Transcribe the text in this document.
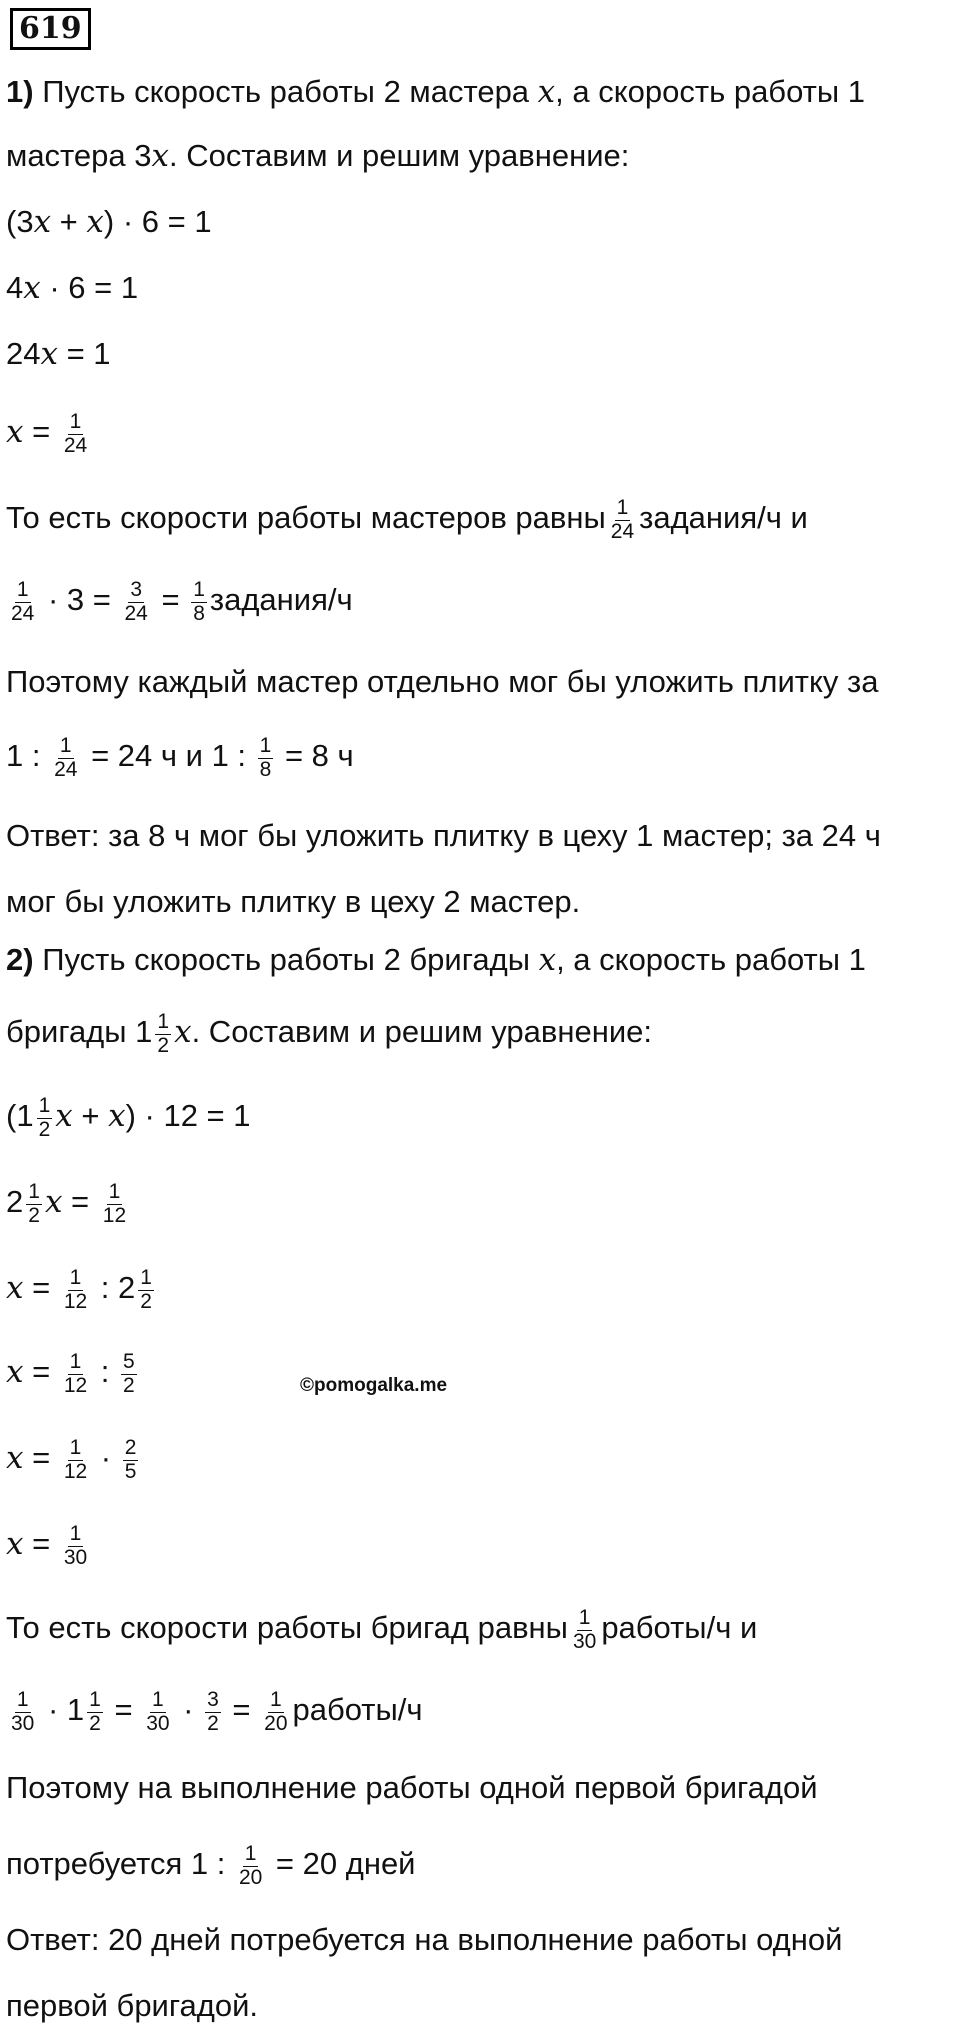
619
1) Пусть скорость работы 2 мастера x , а скорость работы 1
мастера 3 x . Составим и решим уравнение:
(3 x + x ) · 6 = 1
4 x · 6 = 1
24 x = 1
$x = \frac{1}{24}$
То есть скорости работы мастеров равны $\frac{1}{24}$ задания/ч и
$\frac{1}{24} \cdot 3 = \frac{3}{24} = \frac{1}{8}$ задания/ч
Поэтому каждый мастер отдельно мог бы уложить плитку за
1 : $\frac{1}{24} = 24$ ч и 1 : $\frac{1}{8} = 8$ ч
Ответ: за 8 ч мог бы уложить плитку в цеху 1 мастер; за 24 ч
мог бы уложить плитку в цеху 2 мастер.
2) Пусть скорость работы 2 бригады x , а скорость работы 1
бригады $1 \frac{1}{2}$ x . Составим и решим уравнение:
($1 \frac{1}{2}$ x + x ) · 12 = 1
$2 \frac{1}{2}$ $x = \frac{1}{12}$
$x = \frac{1}{12}$ : $2 \frac{1}{2}$
$x = \frac{1}{12}$ : $\frac{5}{2}$	©pomogalka.me
$x = \frac{1}{12} \cdot \frac{2}{5}$
$x = \frac{1}{30}$
То есть скорости работы бригад равны $\frac{1}{30}$ работы/ч и
$\frac{1}{30} \cdot 1 \frac{1}{2} = \frac{1}{30} \cdot \frac{3}{2} = \frac{1}{20}$ работы/ч
Поэтому на выполнение работы одной первой бригадой
потребуется 1 : $\frac{1}{20} = 20$ дней
Ответ: 20 дней потребуется на выполнение работы одной
первой бригадой.
